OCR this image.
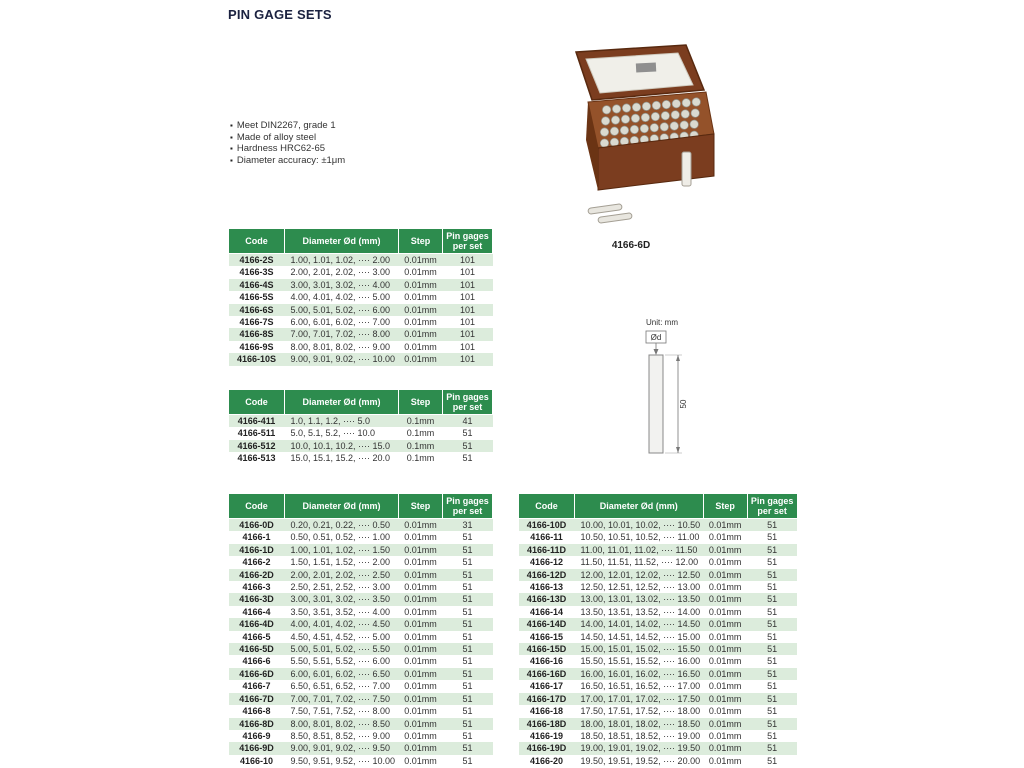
PIN GAGE SETS
▪ Meet DIN2267, grade 1
▪ Made of alloy steel
▪ Hardness HRC62-65
▪ Diameter accuracy: ±1μm
4166-6D
Unit: mm
Ød
50
Code	Diameter Ød (mm)	Step	Pin gages per set
4166-2S	1.00, 1.01, 1.02, ···· 2.00	0.01mm	101
4166-3S	2.00, 2.01, 2.02, ···· 3.00	0.01mm	101
4166-4S	3.00, 3.01, 3.02, ···· 4.00	0.01mm	101
4166-5S	4.00, 4.01, 4.02, ···· 5.00	0.01mm	101
4166-6S	5.00, 5.01, 5.02, ···· 6.00	0.01mm	101
4166-7S	6.00, 6.01, 6.02, ···· 7.00	0.01mm	101
4166-8S	7.00, 7.01, 7.02, ···· 8.00	0.01mm	101
4166-9S	8.00, 8.01, 8.02, ···· 9.00	0.01mm	101
4166-10S	9.00, 9.01, 9.02, ···· 10.00	0.01mm	101
Code	Diameter Ød (mm)	Step	Pin gages per set
4166-411	1.0, 1.1, 1.2, ···· 5.0	0.1mm	41
4166-511	5.0, 5.1, 5.2, ···· 10.0	0.1mm	51
4166-512	10.0, 10.1, 10.2, ···· 15.0	0.1mm	51
4166-513	15.0, 15.1, 15.2, ···· 20.0	0.1mm	51
Code	Diameter Ød (mm)	Step	Pin gages per set
4166-0D	0.20, 0.21, 0.22, ···· 0.50	0.01mm	31
4166-1	0.50, 0.51, 0.52, ···· 1.00	0.01mm	51
4166-1D	1.00, 1.01, 1.02, ···· 1.50	0.01mm	51
4166-2	1.50, 1.51, 1.52, ···· 2.00	0.01mm	51
4166-2D	2.00, 2.01, 2.02, ···· 2.50	0.01mm	51
4166-3	2.50, 2.51, 2.52, ···· 3.00	0.01mm	51
4166-3D	3.00, 3.01, 3.02, ···· 3.50	0.01mm	51
4166-4	3.50, 3.51, 3.52, ···· 4.00	0.01mm	51
4166-4D	4.00, 4.01, 4.02, ···· 4.50	0.01mm	51
4166-5	4.50, 4.51, 4.52, ···· 5.00	0.01mm	51
4166-5D	5.00, 5.01, 5.02, ···· 5.50	0.01mm	51
4166-6	5.50, 5.51, 5.52, ···· 6.00	0.01mm	51
4166-6D	6.00, 6.01, 6.02, ···· 6.50	0.01mm	51
4166-7	6.50, 6.51, 6.52, ···· 7.00	0.01mm	51
4166-7D	7.00, 7.01, 7.02, ···· 7.50	0.01mm	51
4166-8	7.50, 7.51, 7.52, ···· 8.00	0.01mm	51
4166-8D	8.00, 8.01, 8.02, ···· 8.50	0.01mm	51
4166-9	8.50, 8.51, 8.52, ···· 9.00	0.01mm	51
4166-9D	9.00, 9.01, 9.02, ···· 9.50	0.01mm	51
4166-10	9.50, 9.51, 9.52, ···· 10.00	0.01mm	51
Code	Diameter Ød (mm)	Step	Pin gages per set
4166-10D	10.00, 10.01, 10.02, ···· 10.50	0.01mm	51
4166-11	10.50, 10.51, 10.52, ···· 11.00	0.01mm	51
4166-11D	11.00, 11.01, 11.02, ···· 11.50	0.01mm	51
4166-12	11.50, 11.51, 11.52, ···· 12.00	0.01mm	51
4166-12D	12.00, 12.01, 12.02, ···· 12.50	0.01mm	51
4166-13	12.50, 12.51, 12.52, ···· 13.00	0.01mm	51
4166-13D	13.00, 13.01, 13.02, ···· 13.50	0.01mm	51
4166-14	13.50, 13.51, 13.52, ···· 14.00	0.01mm	51
4166-14D	14.00, 14.01, 14.02, ···· 14.50	0.01mm	51
4166-15	14.50, 14.51, 14.52, ···· 15.00	0.01mm	51
4166-15D	15.00, 15.01, 15.02, ···· 15.50	0.01mm	51
4166-16	15.50, 15.51, 15.52, ···· 16.00	0.01mm	51
4166-16D	16.00, 16.01, 16.02, ···· 16.50	0.01mm	51
4166-17	16.50, 16.51, 16.52, ···· 17.00	0.01mm	51
4166-17D	17.00, 17.01, 17.02, ···· 17.50	0.01mm	51
4166-18	17.50, 17.51, 17.52, ···· 18.00	0.01mm	51
4166-18D	18.00, 18.01, 18.02, ···· 18.50	0.01mm	51
4166-19	18.50, 18.51, 18.52, ···· 19.00	0.01mm	51
4166-19D	19.00, 19.01, 19.02, ···· 19.50	0.01mm	51
4166-20	19.50, 19.51, 19.52, ···· 20.00	0.01mm	51
